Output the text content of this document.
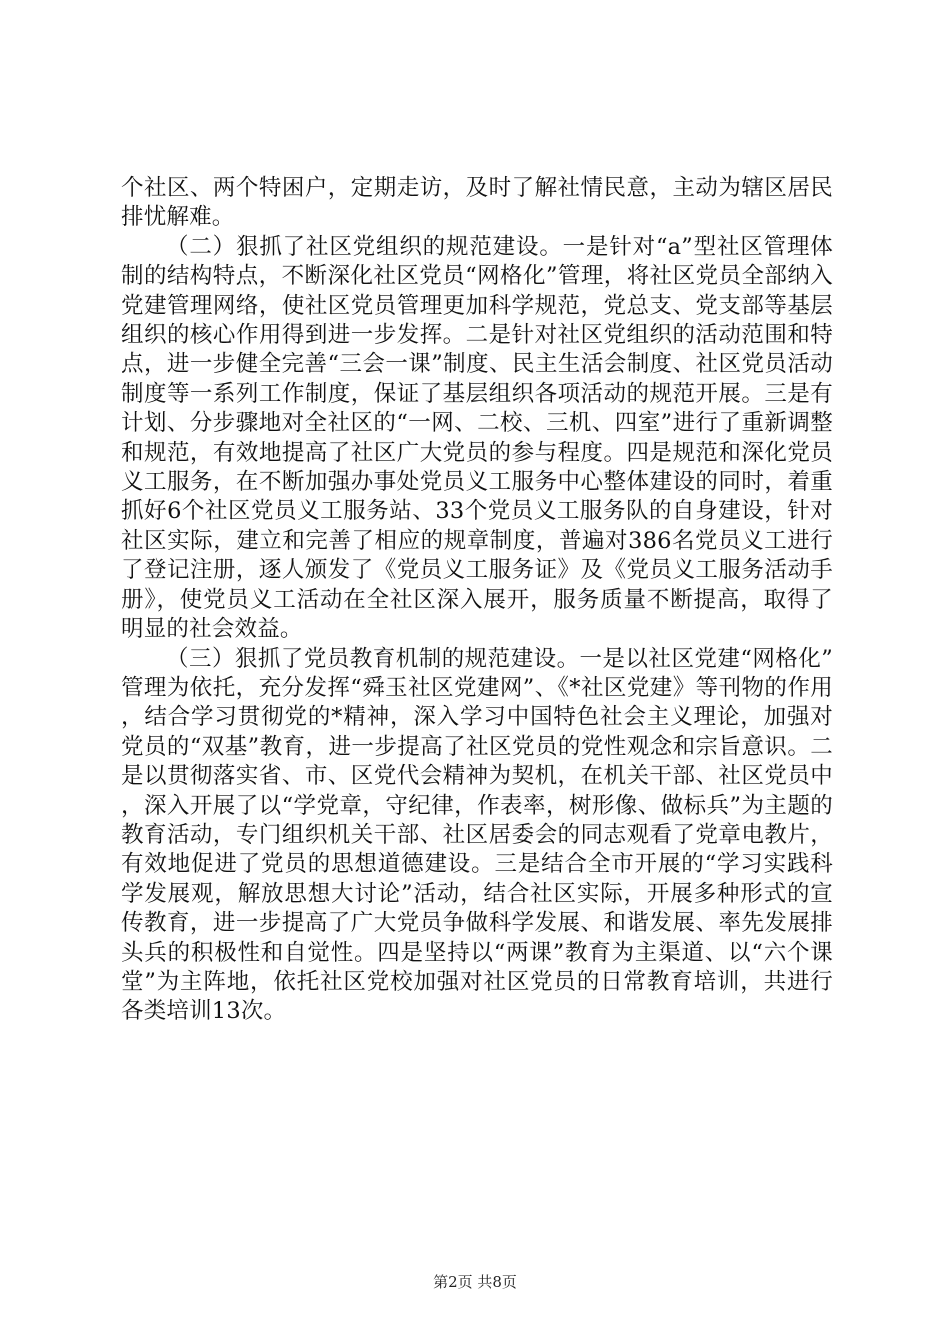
个社区、两个特困户，定期走访，及时了解社情民意，主动为辖区居民排忧解难。

（二）狠抓了社区党组织的规范建设。一是针对“a”型社区管理体制的结构特点，不断深化社区党员“网格化”管理，将社区党员全部纳入党建管理网络，使社区党员管理更加科学规范，党总支、党支部等基层组织的核心作用得到进一步发挥。二是针对社区党组织的活动范围和特点，进一步健全完善“三会一课”制度、民主生活会制度、社区党员活动制度等一系列工作制度，保证了基层组织各项活动的规范开展。三是有计划、分步骤地对全社区的“一网、二校、三机、四室”进行了重新调整和规范，有效地提高了社区广大党员的参与程度。四是规范和深化党员义工服务，在不断加强办事处党员义工服务中心整体建设的同时，着重抓好6个社区党员义工服务站、33个党员义工服务队的自身建设，针对社区实际，建立和完善了相应的规章制度，普遍对386名党员义工进行了登记注册，逐人颁发了《党员义工服务证》及《党员义工服务活动手册》，使党员义工活动在全社区深入展开，服务质量不断提高，取得了明显的社会效益。

（三）狠抓了党员教育机制的规范建设。一是以社区党建“网格化”管理为依托，充分发挥“舜玉社区党建网”、《*社区党建》等刊物的作用，结合学习贯彻党的*精神，深入学习中国特色社会主义理论，加强对党员的“双基”教育，进一步提高了社区党员的党性观念和宗旨意识。二是以贯彻落实省、市、区党代会精神为契机，在机关干部、社区党员中，深入开展了以“学党章，守纪律，作表率，树形像、做标兵”为主题的教育活动，专门组织机关干部、社区居委会的同志观看了党章电教片，有效地促进了党员的思想道德建设。三是结合全市开展的“学习实践科学发展观，解放思想大讨论”活动，结合社区实际，开展多种形式的宣传教育，进一步提高了广大党员争做科学发展、和谐发展、率先发展排头兵的积极性和自觉性。四是坚持以“两课”教育为主渠道、以“六个课堂”为主阵地，依托社区党校加强对社区党员的日常教育培训，共进行各类培训13次。

第2页 共8页
